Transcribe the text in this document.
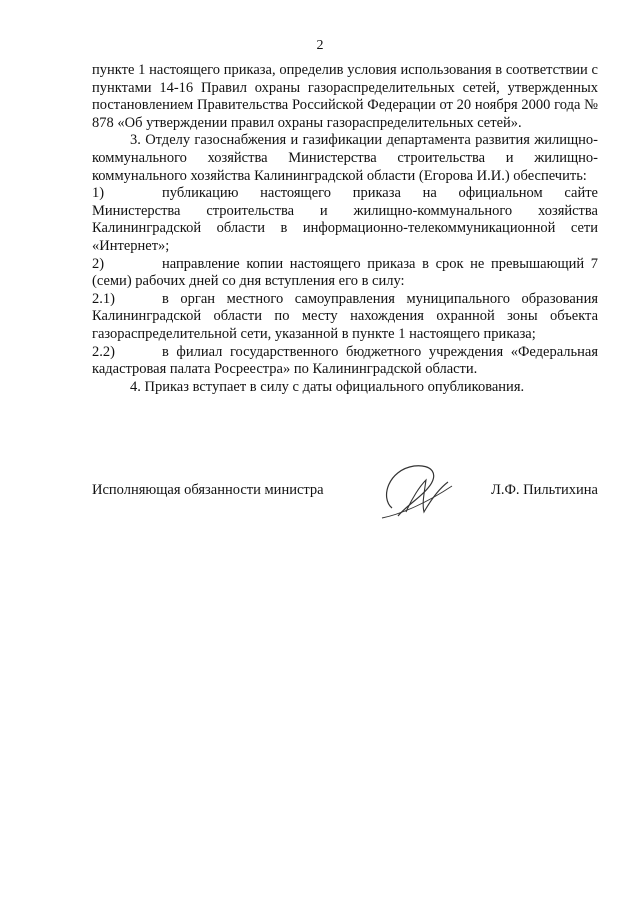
2

пункте 1 настоящего приказа, определив условия использования в соответствии с пунктами 14-16 Правил охраны газораспределительных сетей, утвержденных постановлением Правительства Российской Федерации от 20 ноября 2000 года № 878 «Об утверждении правил охраны газораспределительных сетей».

3. Отделу газоснабжения и газификации департамента развития жилищно-коммунального хозяйства Министерства строительства и жилищно-коммунального хозяйства Калининградской области (Егорова И.И.) обеспечить:

1)	публикацию настоящего приказа на официальном сайте Министерства строительства и жилищно-коммунального хозяйства Калининградской области в информационно-телекоммуникационной сети «Интернет»;

2)	направление копии настоящего приказа в срок не превышающий 7 (семи) рабочих дней со дня вступления его в силу:

2.1)	в орган местного самоуправления муниципального образования Калининградской области по месту нахождения охранной зоны объекта газораспределительной сети, указанной в пункте 1 настоящего приказа;

2.2)	в филиал государственного бюджетного учреждения «Федеральная кадастровая палата Росреестра» по Калининградской области.

4. Приказ вступает в силу с даты официального опубликования.

Исполняющая обязанности министра	Л.Ф. Пильтихина
